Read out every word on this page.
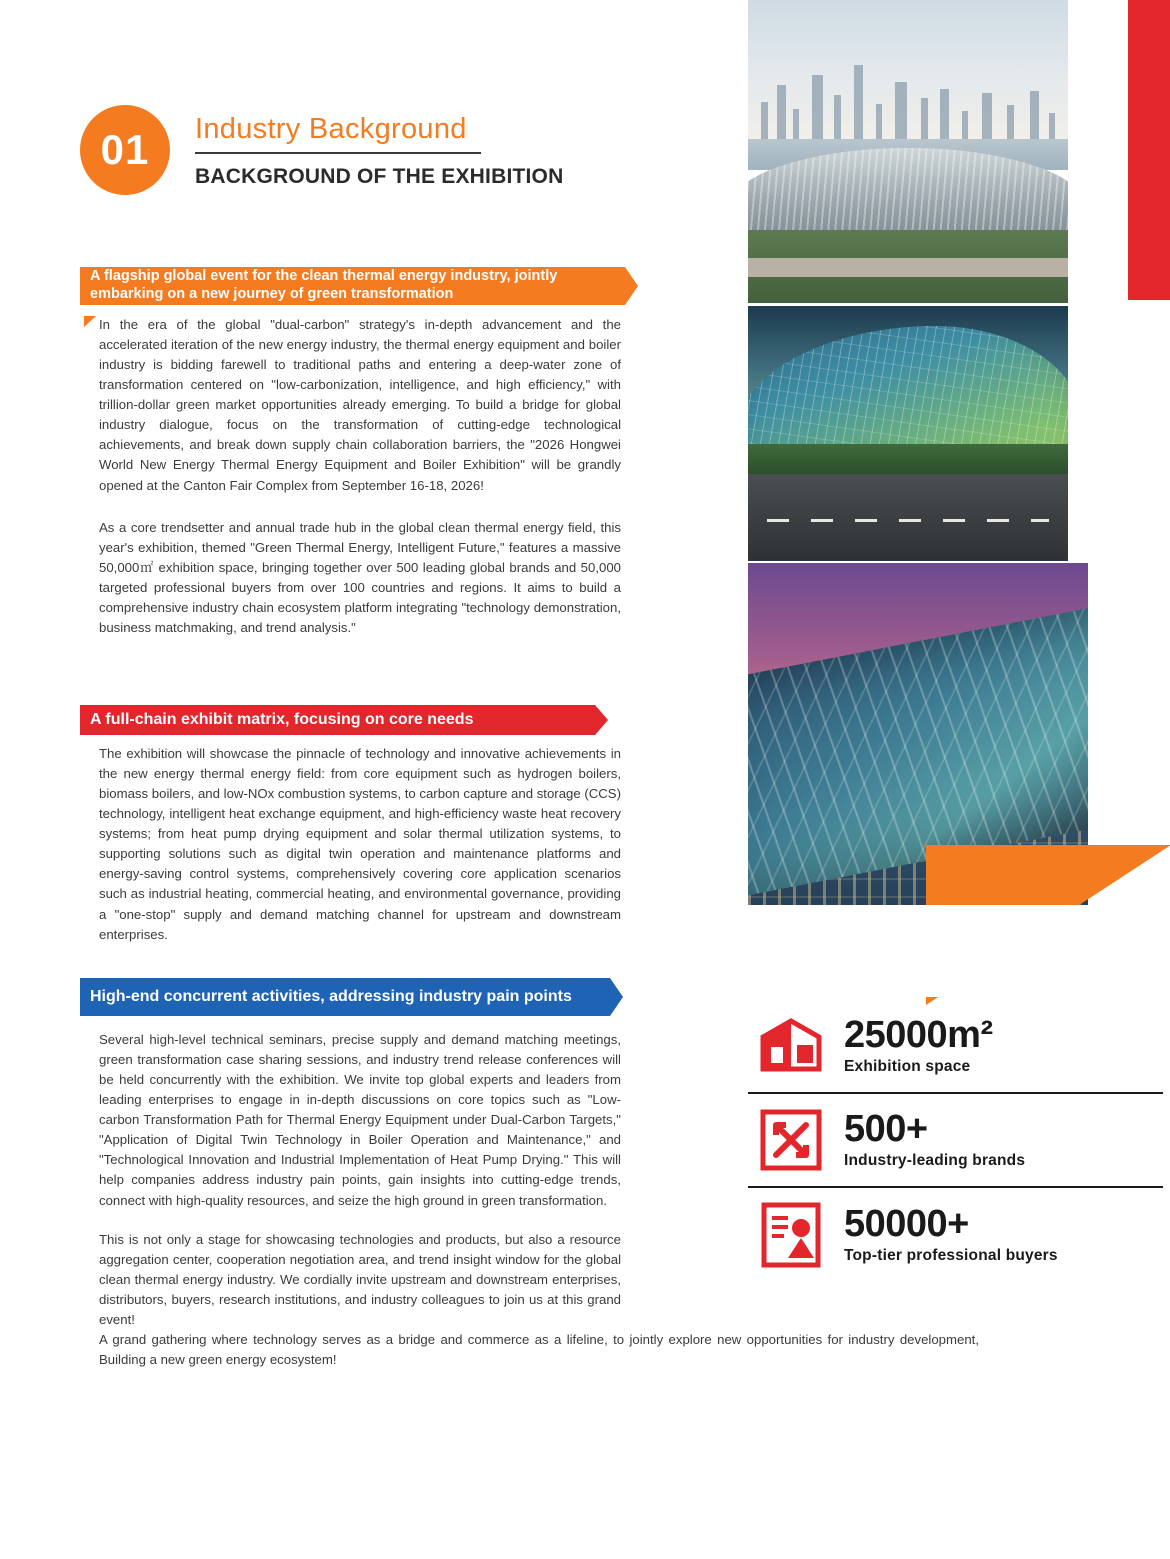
01	Industry Background
BACKGROUND OF THE EXHIBITION
A flagship global event for the clean thermal energy industry, jointly embarking on a new journey of green transformation
In the era of the global "dual-carbon" strategy's in-depth advancement and the accelerated iteration of the new energy industry, the thermal energy equipment and boiler industry is bidding farewell to traditional paths and entering a deep-water zone of transformation centered on "low-carbonization, intelligence, and high efficiency," with trillion-dollar green market opportunities already emerging. To build a bridge for global industry dialogue, focus on the transformation of cutting-edge technological achievements, and break down supply chain collaboration barriers, the "2026 Hongwei World New Energy Thermal Energy Equipment and Boiler Exhibition" will be grandly opened at the Canton Fair Complex from September 16-18, 2026!
As a core trendsetter and annual trade hub in the global clean thermal energy field, this year's exhibition, themed "Green Thermal Energy, Intelligent Future," features a massive 50,000㎡ exhibition space, bringing together over 500 leading global brands and 50,000 targeted professional buyers from over 100 countries and regions. It aims to build a comprehensive industry chain ecosystem platform integrating "technology demonstration, business matchmaking, and trend analysis."
A full-chain exhibit matrix, focusing on core needs
The exhibition will showcase the pinnacle of technology and innovative achievements in the new energy thermal energy field: from core equipment such as hydrogen boilers, biomass boilers, and low-NOx combustion systems, to carbon capture and storage (CCS) technology, intelligent heat exchange equipment, and high-efficiency waste heat recovery systems; from heat pump drying equipment and solar thermal utilization systems, to supporting solutions such as digital twin operation and maintenance platforms and energy-saving control systems, comprehensively covering core application scenarios such as industrial heating, commercial heating, and environmental governance, providing a "one-stop" supply and demand matching channel for upstream and downstream enterprises.
High-end concurrent activities, addressing industry pain points
Several high-level technical seminars, precise supply and demand matching meetings, green transformation case sharing sessions, and industry trend release conferences will be held concurrently with the exhibition. We invite top global experts and leaders from leading enterprises to engage in in-depth discussions on core topics such as "Low-carbon Transformation Path for Thermal Energy Equipment under Dual-Carbon Targets," "Application of Digital Twin Technology in Boiler Operation and Maintenance," and "Technological Innovation and Industrial Implementation of Heat Pump Drying." This will help companies address industry pain points, gain insights into cutting-edge trends, connect with high-quality resources, and seize the high ground in green transformation.
This is not only a stage for showcasing technologies and products, but also a resource aggregation center, cooperation negotiation area, and trend insight window for the global clean thermal energy industry. We cordially invite upstream and downstream enterprises, distributors, buyers, research institutions, and industry colleagues to join us at this grand event!
A grand gathering where technology serves as a bridge and commerce as a lifeline, to jointly explore new opportunities for industry development, Building a new green energy ecosystem!
25000m²
Exhibition space
500+
Industry-leading brands
50000+
Top-tier professional buyers
